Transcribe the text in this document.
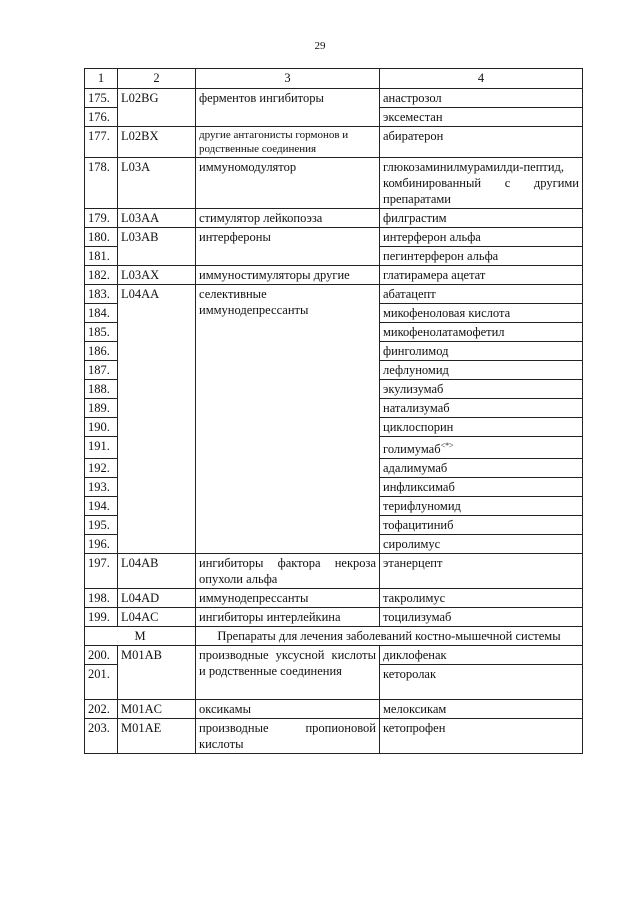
29
1	2	3	4
175.	L02BG	ферментов ингибиторы	анастрозол
176.			эксеместан
177.	L02BX	другие антагонисты гормонов и родственные соединения	абиратерон
178.	L03A	иммуномодулятор	глюкозаминилмурамилди-пептид, комбинированный с другими препаратами
179.	L03AA	стимулятор лейкопоэза	филграстим
180.	L03AB	интерфероны	интерферон альфа
181.			пегинтерферон альфа
182.	L03AX	иммуностимуляторы другие	глатирамера ацетат
183.	L04AA	селективные иммунодепрессанты	абатацепт
184.			микофеноловая кислота
185.			микофенолатамофетил
186.			финголимод
187.			лефлуномид
188.			экулизумаб
189.			натализумаб
190.			циклоспорин
191.			голимумаб<*>
192.			адалимумаб
193.			инфликсимаб
194.			терифлуномид
195.			тофацитиниб
196.			сиролимус
197.	L04AB	ингибиторы фактора некроза опухоли альфа	этанерцепт
198.	L04AD	иммунодепрессанты	такролимус
199.	L04AC	ингибиторы интерлейкина	тоцилизумаб
M		Препараты для лечения заболеваний костно-мышечной системы	
200.	M01AB	производные уксусной кислоты и родственные соединения	диклофенак
201.			кеторолак
202.	M01AC	оксикамы	мелоксикам
203.	M01AE	производные пропионовой кислоты	кетопрофен
